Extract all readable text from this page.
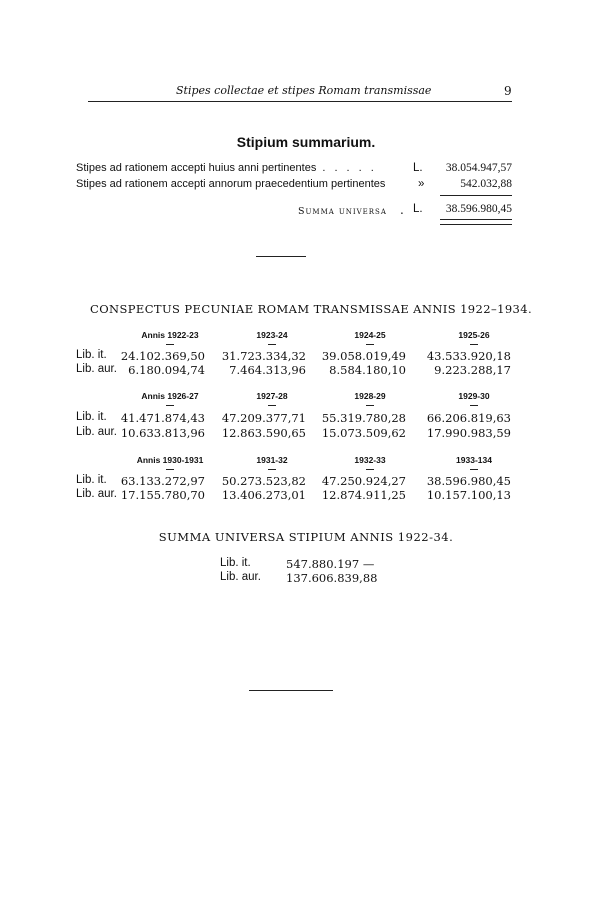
Stipes collectae et stipes Romam transmissae	9
Stipium summarium.
Stipes ad rationem accepti huius anni pertinentes . . . . .	L. 38.054.947,57
Stipes ad rationem accepti annorum praecedentium pertinentes	»	542.032,88
Summa universa . L. 38.596.980,45
CONSPECTUS PECUNIAE ROMAM TRANSMISSAE ANNIS 1922–1934.
Annis 1922-23	1923-24	1924-25	1925-26
Lib. it.	24.102.369,50	31.723.334,32	39.058.019,49	43.533.920,18
Lib. aur. 6.180.094,74	7.464.313,96	8.584.180,10	9.223.288,17
Annis 1926-27	1927-28	1928-29	1929-30
Lib. it.	41.471.874,43	47.209.377,71	55.319.780,28	66.206.819,63
Lib. aur. 10.633.813,96	12.863.590,65	15.073.509,62	17.990.983,59
Annis 1930-1931	1931-32	1932-33	1933-134
Lib. it.	63.133.272,97	50.273.523,82	47.250.924,27	38.596.980,45
Lib. aur. 17.155.780,70	13.406.273,01	12.874.911,25	10.157.100,13
SUMMA UNIVERSA STIPIUM ANNIS 1922-34.
Lib. it.	547.880.197 —
Lib. aur. 137.606.839,88
